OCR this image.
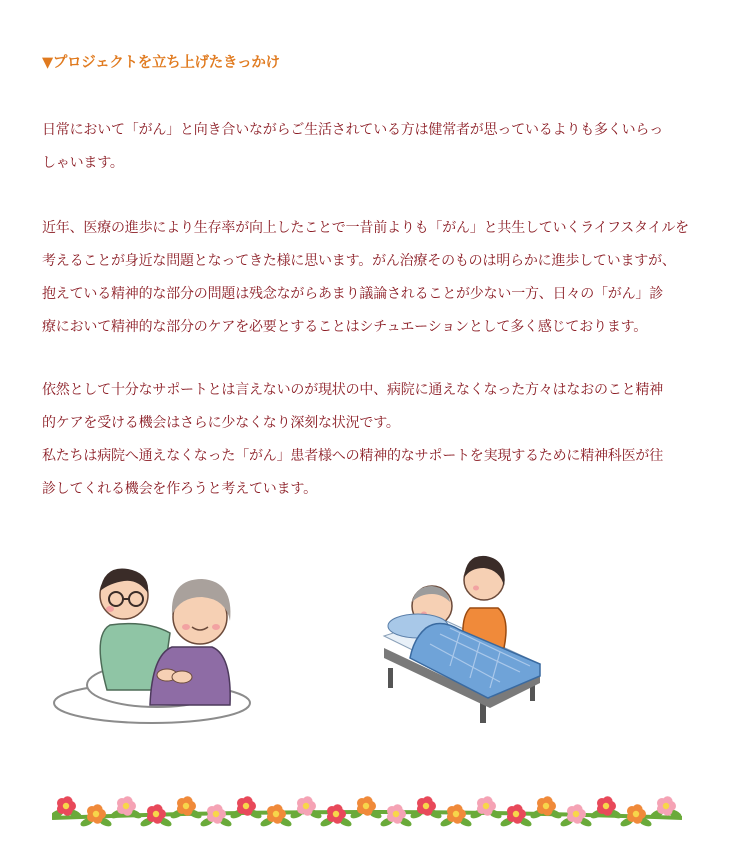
▼プロジェクトを立ち上げたきっかけ

日常において「がん」と向き合いながらご生活されている方は健常者が思っているよりも多くいらっ

しゃいます。

近年、医療の進歩により生存率が向上したことで一昔前よりも「がん」と共生していくライフスタイルを

考えることが身近な問題となってきた様に思います。がん治療そのものは明らかに進歩していますが、

抱えている精神的な部分の問題は残念ながらあまり議論されることが少ない一方、日々の「がん」診

療において精神的な部分のケアを必要とすることはシチュエーションとして多く感じております。

依然として十分なサポートとは言えないのが現状の中、病院に通えなくなった方々はなおのこと精神

的ケアを受ける機会はさらに少なくなり深刻な状況です。

私たちは病院へ通えなくなった「がん」患者様への精神的なサポートを実現するために精神科医が往

診してくれる機会を作ろうと考えています。
